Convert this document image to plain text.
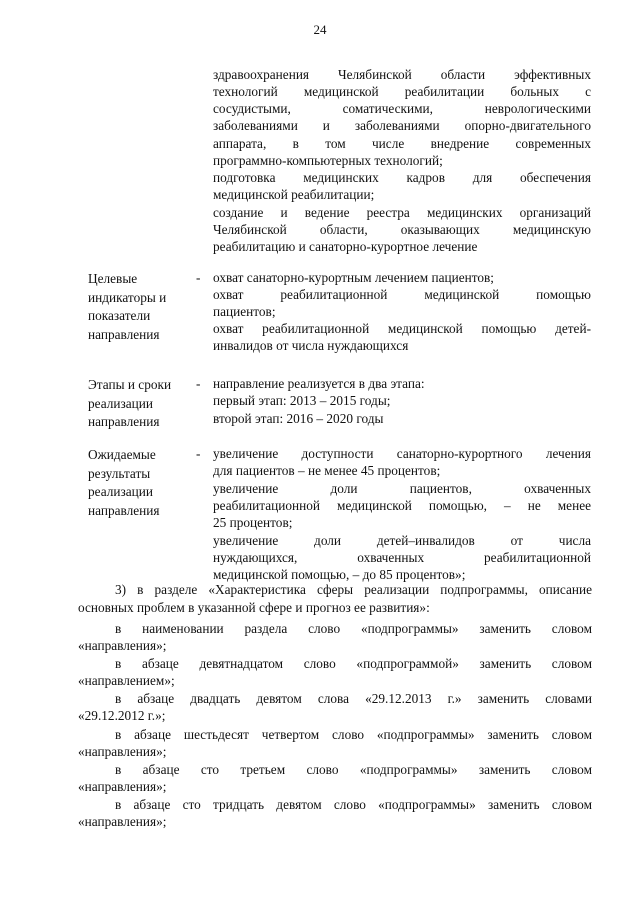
24
здравоохранения Челябинской области эффективных
технологий медицинской реабилитации больных с
сосудистыми, соматическими, неврологическими
заболеваниями и заболеваниями опорно-двигательного
аппарата, в том числе внедрение современных
программно-компьютерных технологий;
подготовка медицинских кадров для обеспечения
медицинской реабилитации;
создание и ведение реестра медицинских организаций
Челябинской области, оказывающих медицинскую
реабилитацию и санаторно-курортное лечение
Целевые
индикаторы и
показатели
направления
- охват санаторно-курортным лечением пациентов;
охват реабилитационной медицинской помощью
пациентов;
охват реабилитационной медицинской помощью детей-
инвалидов от числа нуждающихся
Этапы и сроки
реализации
направления
- направление реализуется в два этапа:
первый этап: 2013 – 2015 годы;
второй этап: 2016 – 2020 годы
Ожидаемые
результаты
реализации
направления
- увеличение доступности санаторно-курортного лечения
для пациентов – не менее 45 процентов;
увеличение доли пациентов, охваченных
реабилитационной медицинской помощью, – не менее
25 процентов;
увеличение доли детей–инвалидов от числа
нуждающихся, охваченных реабилитационной
медицинской помощью, – до 85 процентов»;
3) в разделе «Характеристика сферы реализации подпрограммы, описание
основных проблем в указанной сфере и прогноз ее развития»:
в наименовании раздела слово «подпрограммы» заменить словом
«направления»;
в абзаце девятнадцатом слово «подпрограммой» заменить словом
«направлением»;
в абзаце двадцать девятом слова «29.12.2013 г.» заменить словами
«29.12.2012 г.»;
в абзаце шестьдесят четвертом слово «подпрограммы» заменить словом
«направления»;
в абзаце сто третьем слово «подпрограммы» заменить словом
«направления»;
в абзаце сто тридцать девятом слово «подпрограммы» заменить словом
«направления»;
